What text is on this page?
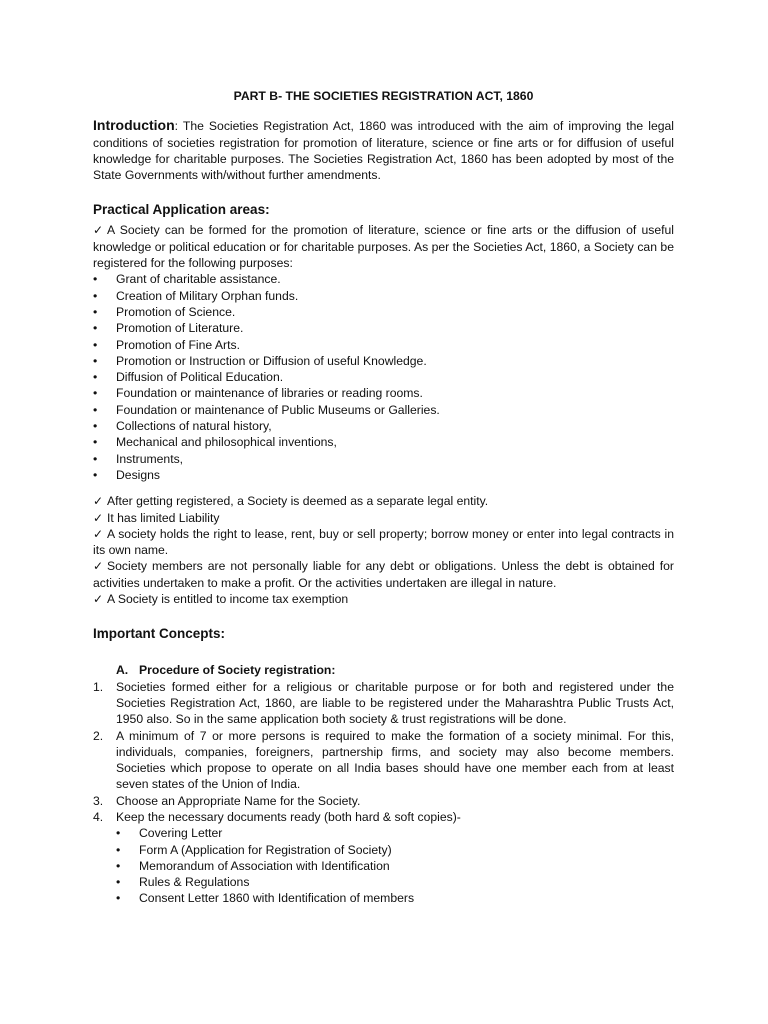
PART B- THE SOCIETIES REGISTRATION ACT, 1860

Introduction: The Societies Registration Act, 1860 was introduced with the aim of improving the legal conditions of societies registration for promotion of literature, science or fine arts or for diffusion of useful knowledge for charitable purposes. The Societies Registration Act, 1860 has been adopted by most of the State Governments with/without further amendments.

Practical Application areas:

✓ A Society can be formed for the promotion of literature, science or fine arts or the diffusion of useful knowledge or political education or for charitable purposes. As per the Societies Act, 1860, a Society can be registered for the following purposes:

• Grant of charitable assistance.
• Creation of Military Orphan funds.
• Promotion of Science.
• Promotion of Literature.
• Promotion of Fine Arts.
• Promotion or Instruction or Diffusion of useful Knowledge.
• Diffusion of Political Education.
• Foundation or maintenance of libraries or reading rooms.
• Foundation or maintenance of Public Museums or Galleries.
• Collections of natural history,
• Mechanical and philosophical inventions,
• Instruments,
• Designs

✓ After getting registered, a Society is deemed as a separate legal entity.

✓ It has limited Liability

✓ A society holds the right to lease, rent, buy or sell property; borrow money or enter into legal contracts in its own name.

✓ Society members are not personally liable for any debt or obligations. Unless the debt is obtained for activities undertaken to make a profit. Or the activities undertaken are illegal in nature.

✓ A Society is entitled to income tax exemption

Important Concepts:
A. Procedure of Society registration:
1. Societies formed either for a religious or charitable purpose or for both and registered under the Societies Registration Act, 1860, are liable to be registered under the Maharashtra Public Trusts Act, 1950 also. So in the same application both society & trust registrations will be done.
2. A minimum of 7 or more persons is required to make the formation of a society minimal. For this, individuals, companies, foreigners, partnership firms, and society may also become members. Societies which propose to operate on all India bases should have one member each from at least seven states of the Union of India.
3. Choose an Appropriate Name for the Society.
4. Keep the necessary documents ready (both hard & soft copies)-
• Covering Letter
• Form A (Application for Registration of Society)
• Memorandum of Association with Identification
• Rules & Regulations
• Consent Letter 1860 with Identification of members
